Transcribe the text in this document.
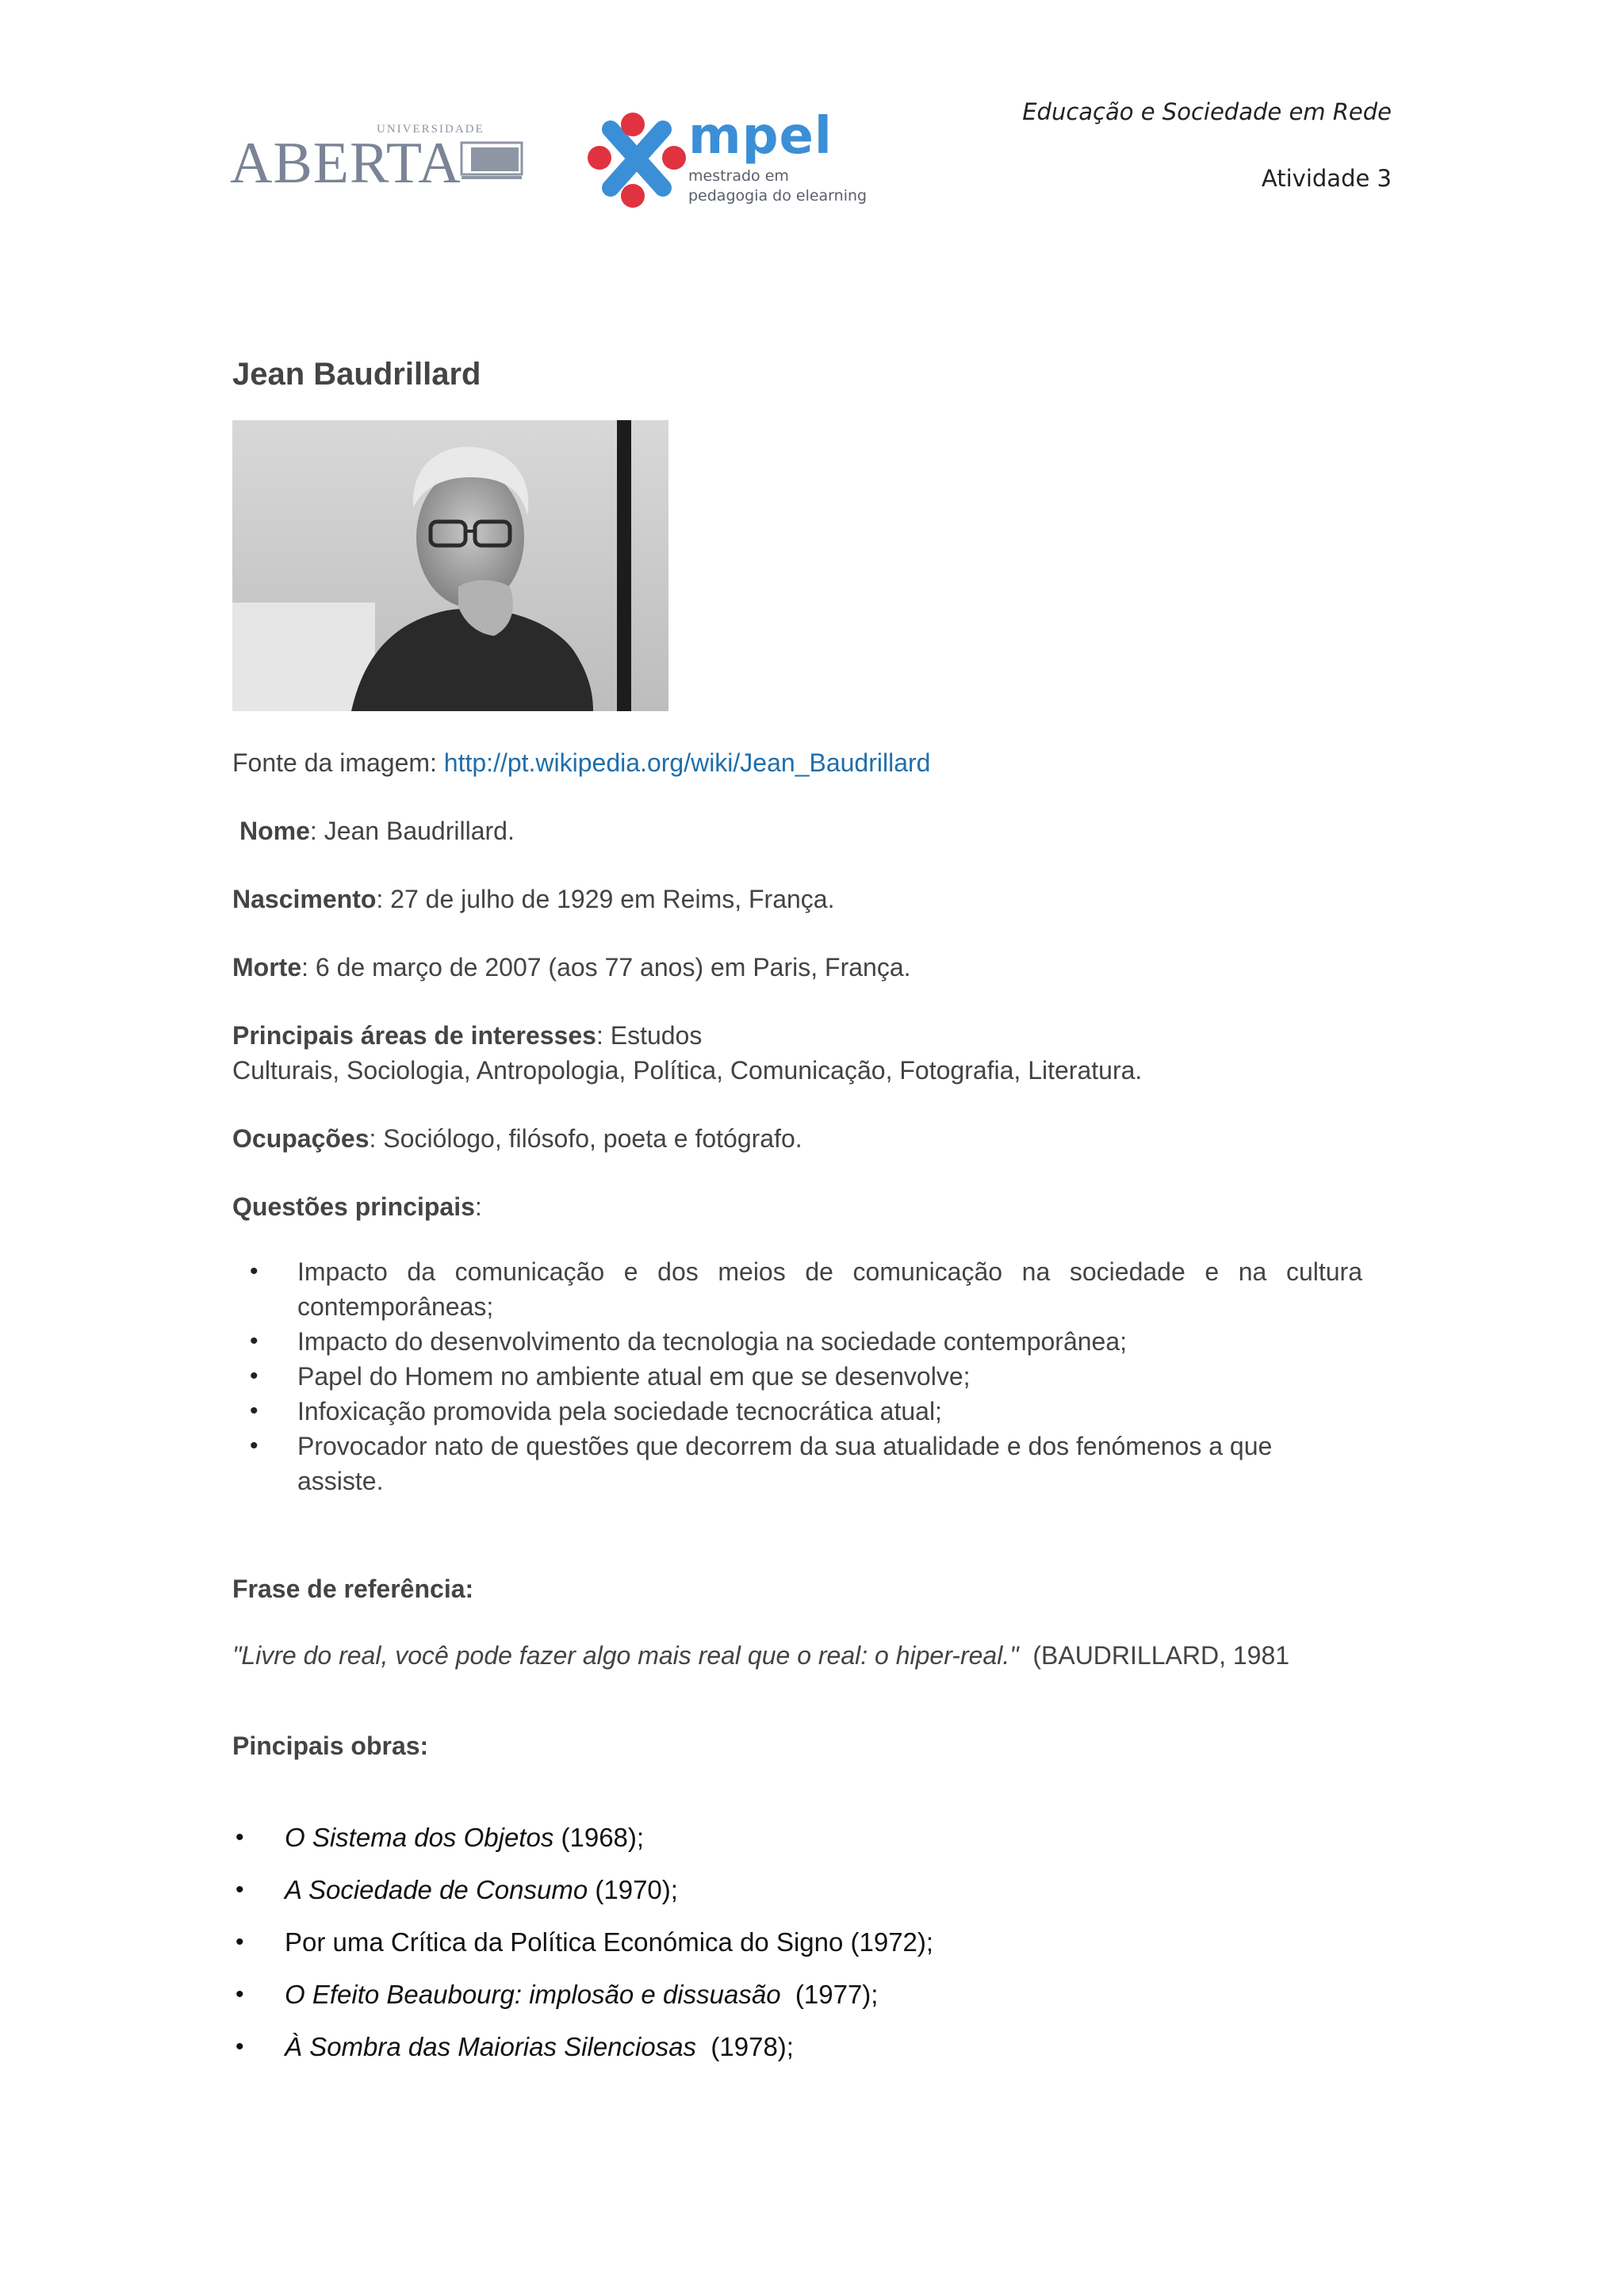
UNIVERSIDADE
ABERTA	mpel
mestrado em
pedagogia do elearning
Educação e Sociedade em Rede
Atividade 3
Jean Baudrillard
Fonte da imagem: http://pt.wikipedia.org/wiki/Jean_Baudrillard
Nome: Jean Baudrillard.
Nascimento: 27 de julho de 1929 em Reims, França.
Morte: 6 de março de 2007 (aos 77 anos) em Paris, França.
Principais áreas de interesses: Estudos
Culturais, Sociologia, Antropologia, Política, Comunicação, Fotografia, Literatura.
Ocupações: Sociólogo, filósofo, poeta e fotógrafo.
Questões principais:
• Impacto da comunicação e dos meios de comunicação na sociedade e na cultura contemporâneas;
• Impacto do desenvolvimento da tecnologia na sociedade contemporânea;
• Papel do Homem no ambiente atual em que se desenvolve;
• Infoxicação promovida pela sociedade tecnocrática atual;
• Provocador nato de questões que decorrem da sua atualidade e dos fenómenos a que assiste.
Frase de referência:
"Livre do real, você pode fazer algo mais real que o real: o hiper-real."  (BAUDRILLARD, 1981
Pincipais obras:
• O Sistema dos Objetos (1968);
• A Sociedade de Consumo (1970);
• Por uma Crítica da Política Económica do Signo (1972);
• O Efeito Beaubourg: implosão e dissuasão  (1977);
• À Sombra das Maiorias Silenciosas  (1978);
